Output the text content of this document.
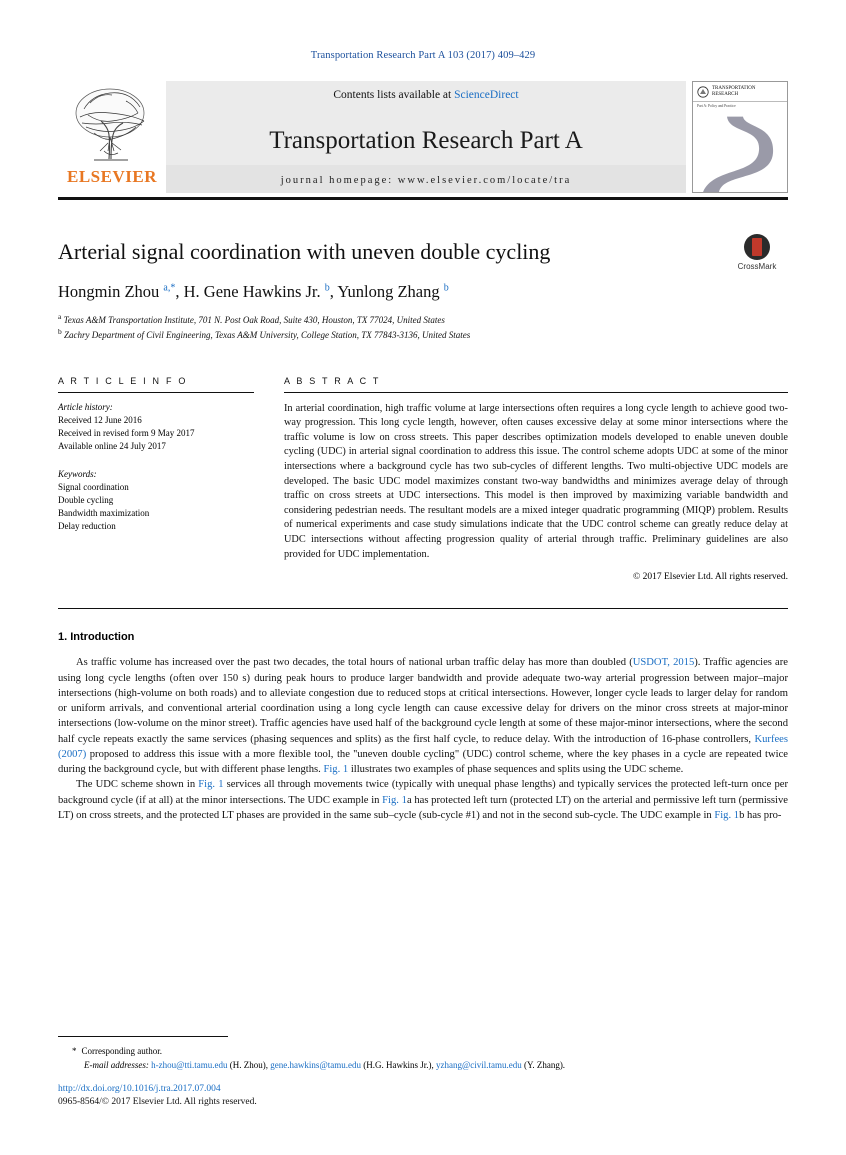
Transportation Research Part A 103 (2017) 409–429
ELSEVIER
Contents lists available at ScienceDirect
Transportation Research Part A
journal homepage: www.elsevier.com/locate/tra
TRANSPORTATION
RESEARCH
Part A: Policy and Practice
CrossMark
Arterial signal coordination with uneven double cycling
Hongmin Zhou $^{a,*}$, H. Gene Hawkins Jr. $^b$, Yunlong Zhang $^b$
$^a$ Texas A&M Transportation Institute, 701 N. Post Oak Road, Suite 430, Houston, TX 77024, United States
$^b$ Zachry Department of Civil Engineering, Texas A&M University, College Station, TX 77843-3136, United States
A R T I C L E I N F O
Article history:
Received 12 June 2016
Received in revised form 9 May 2017
Available online 24 July 2017
Keywords:
Signal coordination
Double cycling
Bandwidth maximization
Delay reduction
A B S T R A C T
In arterial coordination, high traffic volume at large intersections often requires a long cycle length to achieve good two-way progression. This long cycle length, however, often causes excessive delay at some minor intersections where the traffic volume is low on cross streets. This paper describes optimization models developed to enable uneven double cycling (UDC) in arterial signal coordination to address this issue. The control scheme adopts UDC at some of the minor intersections where a background cycle has two sub-cycles of different lengths. Two multi-objective UDC models are developed. The basic UDC model maximizes constant two-way bandwidths and minimizes average delay of through traffic on cross streets at UDC intersections. This model is then improved by maximizing variable bandwidth and considering pedestrian needs. The resultant models are a mixed integer quadratic programming (MIQP) problem. Results of numerical experiments and case study simulations indicate that the UDC control scheme can greatly reduce delay at UDC intersections without affecting progression quality of arterial through traffic. Preliminary guidelines are also provided for UDC implementation.
© 2017 Elsevier Ltd. All rights reserved.
1. Introduction

As traffic volume has increased over the past two decades, the total hours of national urban traffic delay has more than doubled (USDOT, 2015). Traffic agencies are using long cycle lengths (often over 150 s) during peak hours to produce larger bandwidth and provide adequate two-way arterial progression between major–major intersections (high-volume on both roads) and to alleviate congestion due to reduced stops at critical intersections. However, longer cycle leads to larger delay for random or uniform arrivals, and conventional arterial coordination using a long cycle length can cause excessive delay for drivers on the minor cross streets at major-minor intersections (low-volume on the minor street). Traffic agencies have used half of the background cycle length at some of these major-minor intersections, where the second half cycle repeats exactly the same services (phasing sequences and splits) as the first half cycle, to reduce delay. With the introduction of 16-phase controllers, Kurfees (2007) proposed to address this issue with a more flexible tool, the ''uneven double cycling" (UDC) control scheme, where the key phases in a cycle are repeated twice during the background cycle, but with different phase lengths. Fig. 1 illustrates two examples of phase sequences and splits using the UDC scheme.

The UDC scheme shown in Fig. 1 services all through movements twice (typically with unequal phase lengths) and typically services the protected left-turn once per background cycle (if at all) at the minor intersections. The UDC example in Fig. 1a has protected left turn (protected LT) on the arterial and permissive left turn (permissive LT) on cross streets, and the protected LT phases are provided in the same sub–cycle (sub-cycle #1) and not in the second sub-cycle. The UDC example in Fig. 1b has pro-

* Corresponding author.
E-mail addresses: h-zhou@tti.tamu.edu (H. Zhou), gene.hawkins@tamu.edu (H.G. Hawkins Jr.), yzhang@civil.tamu.edu (Y. Zhang).
http://dx.doi.org/10.1016/j.tra.2017.07.004
0965-8564/© 2017 Elsevier Ltd. All rights reserved.
